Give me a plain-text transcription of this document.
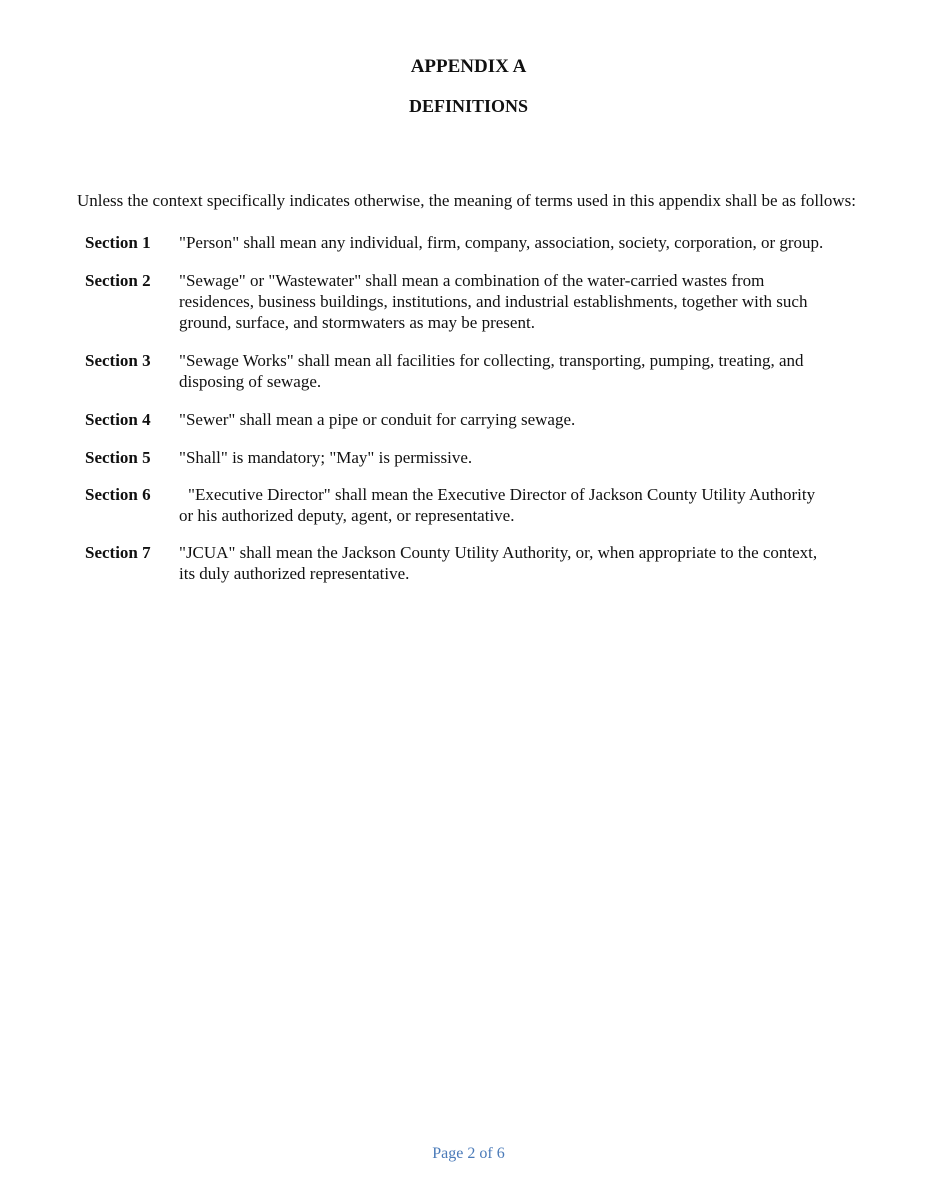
APPENDIX A
DEFINITIONS

Unless the context specifically indicates otherwise, the meaning of terms used in this appendix shall be as follows:

Section 1	"Person" shall mean any individual, firm, company, association, society, corporation, or group.
Section 2	"Sewage" or "Wastewater" shall mean a combination of the water-carried wastes from residences, business buildings, institutions, and industrial establishments, together with such ground, surface, and stormwaters as may be present.
Section 3	"Sewage Works" shall mean all facilities for collecting, transporting, pumping, treating, and disposing of sewage.
Section 4	"Sewer" shall mean a pipe or conduit for carrying sewage.
Section 5	"Shall" is mandatory; "May" is permissive.
Section 6	"Executive Director" shall mean the Executive Director of Jackson County Utility Authority or his authorized deputy, agent, or representative.
Section 7	"JCUA" shall mean the Jackson County Utility Authority, or, when appropriate to the context, its duly authorized representative.
Page 2 of 6
